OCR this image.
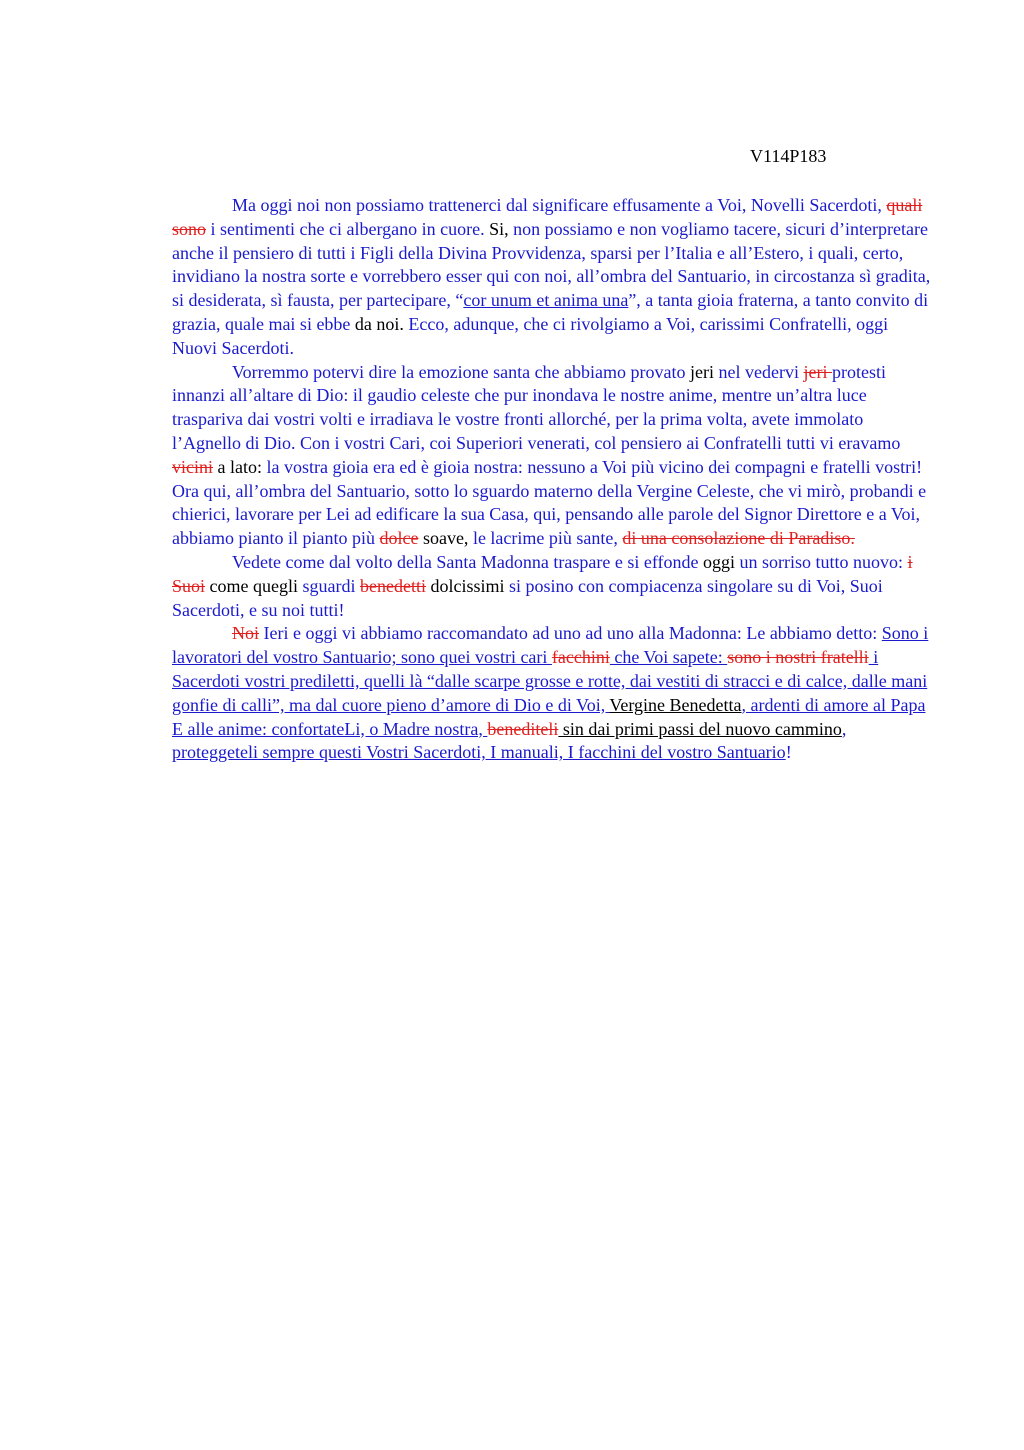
V114P183

Ma oggi noi non possiamo trattenerci dal significare effusamente a Voi, Novelli Sacerdoti, quali sono i sentimenti che ci albergano in cuore. Si, non possiamo e non vogliamo tacere, sicuri d’interpretare anche il pensiero di tutti i Figli della Divina Provvidenza, sparsi per l’Italia e all’Estero, i quali, certo, invidiano la nostra sorte e vorrebbero esser qui con noi, all’ombra del Santuario, in circostanza sì gradita, si desiderata, sì fausta, per partecipare, “cor unum et anima una”, a tanta gioia fraterna, a tanto convito di grazia, quale mai si ebbe da noi. Ecco, adunque, che ci rivolgiamo a Voi, carissimi Confratelli, oggi Nuovi Sacerdoti.

Vorremmo potervi dire la emozione santa che abbiamo provato jeri nel vedervi jeri protesti innanzi all’altare di Dio: il gaudio celeste che pur inondava le nostre anime, mentre un’altra luce traspariva dai vostri volti e irradiava le vostre fronti allorché, per la prima volta, avete immolato l’Agnello di Dio. Con i vostri Cari, coi Superiori venerati, col pensiero ai Confratelli tutti vi eravamo vicini a lato: la vostra gioia era ed è gioia nostra: nessuno a Voi più vicino dei compagni e fratelli vostri! Ora qui, all’ombra del Santuario, sotto lo sguardo materno della Vergine Celeste, che vi mirò, probandi e chierici, lavorare per Lei ad edificare la sua Casa, qui, pensando alle parole del Signor Direttore e a Voi, abbiamo pianto il pianto più dolce soave, le lacrime più sante, di una consolazione di Paradiso.

Vedete come dal volto della Santa Madonna traspare e si effonde oggi un sorriso tutto nuovo: i Suoi come quegli sguardi benedetti dolcissimi si posino con compiacenza singolare su di Voi, Suoi Sacerdoti, e su noi tutti!

Noi Ieri e oggi vi abbiamo raccomandato ad uno ad uno alla Madonna: Le abbiamo detto: Sono i lavoratori del vostro Santuario; sono quei vostri cari facchini che Voi sapete: sono i nostri fratelli i Sacerdoti vostri prediletti, quelli là “dalle scarpe grosse e rotte, dai vestiti di stracci e di calce, dalle mani gonfie di calli”, ma dal cuore pieno d’amore di Dio e di Voi, Vergine Benedetta, ardenti di amore al Papa E alle anime: confortateLi, o Madre nostra, benediteli sin dai primi passi del nuovo cammino, proteggeteli sempre questi Vostri Sacerdoti, I manuali, I facchini del vostro Santuario!
